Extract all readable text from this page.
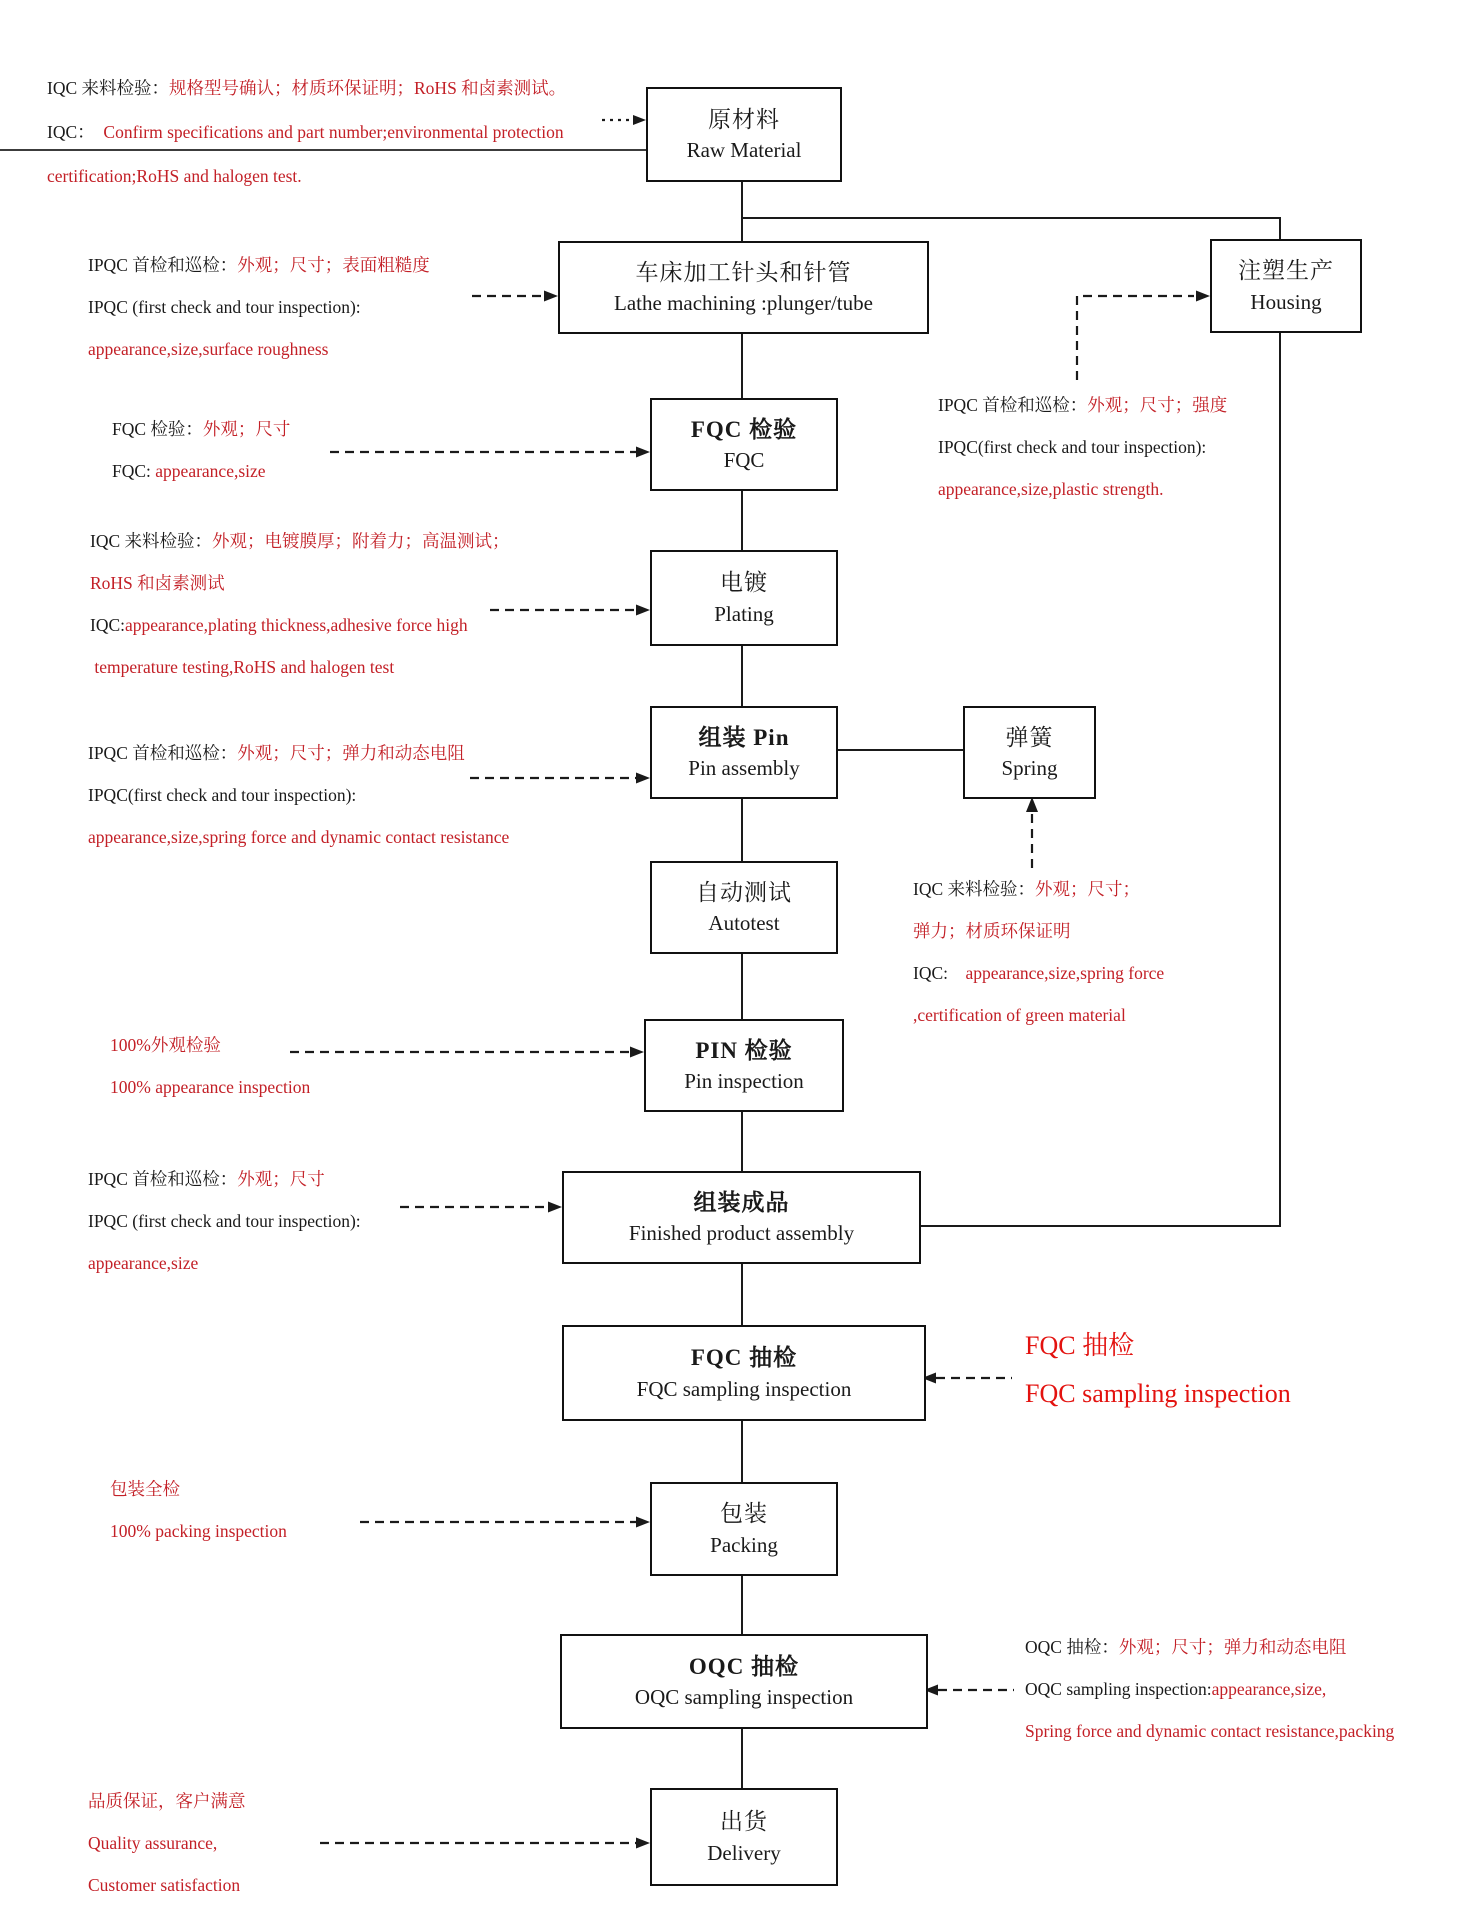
原材料
Raw Material
车床加工针头和针管
Lathe machining :plunger/tube
注塑生产
Housing
FQC 检验
FQC
电镀
Plating
组装 Pin
Pin assembly
弹簧
Spring
自动测试
Autotest
PIN 检验
Pin inspection
组装成品
Finished product assembly
FQC 抽检
FQC sampling inspection
包装
Packing
OQC 抽检
OQC sampling inspection
出货
Delivery
IQC 来料检验：规格型号确认；材质环保证明；RoHS 和卤素测试。
IQC：  Confirm specifications and part number;environmental protection
certification;RoHS and halogen test.
IPQC 首检和巡检：外观；尺寸；表面粗糙度
IPQC (first check and tour inspection):
appearance,size,surface roughness
FQC 检验：外观；尺寸
FQC: appearance,size
IQC 来料检验：外观；电镀膜厚；附着力；高温测试；
RoHS 和卤素测试
IQC:appearance,plating thickness,adhesive force high
temperature testing,RoHS and halogen test
IPQC 首检和巡检：外观；尺寸；强度
IPQC(first check and tour inspection):
appearance,size,plastic strength.
IPQC 首检和巡检：外观；尺寸；弹力和动态电阻
IPQC(first check and tour inspection):
appearance,size,spring force and dynamic contact resistance
IQC 来料检验：外观；尺寸；
弹力；材质环保证明
IQC:    appearance,size,spring force
,certification of green material
100%外观检验
100% appearance inspection
IPQC 首检和巡检：外观；尺寸
IPQC (first check and tour inspection):
appearance,size
FQC 抽检
FQC sampling inspection
包装全检
100% packing inspection
OQC 抽检：外观；尺寸；弹力和动态电阻
OQC sampling inspection:appearance,size,
Spring force and dynamic contact resistance,packing
品质保证，客户满意
Quality assurance,
Customer satisfaction
